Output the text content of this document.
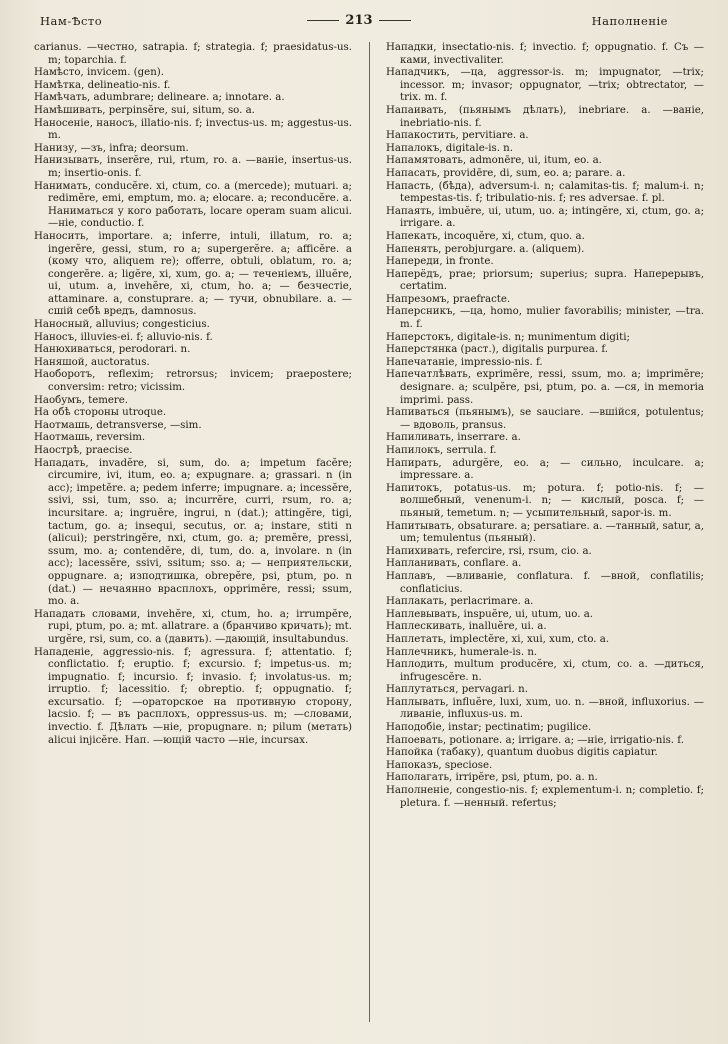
Нам-Ѣсто	213	Наполненіе

carianus. —честно, satrapia. f; strategia. f; praesidatus-us. m; toparchia. f.

Намѣсто, invicem. (gen).

Намѣтка, delineatio-nis. f.

Намѣчать, adumbrare; delineare. a; innotare. a.

Намѣшивать, perpinsĕre, sui, situm, so. a.

Наносеніе, наносъ, illatio-nis. f; invectus-us. m; aggestus-us. m.

Нанизу, —зъ, infra; deorsum.

Нанизывать, inserĕre, rui, rtum, ro. a. —ваніе, insertus-us. m; insertio-onis. f.

Нанимать, conducĕre. xi, ctum, co. a (mercede); mutuari. a; redimĕre, emi, emptum, mo. a; elocare. a; reconducĕre. a. Наниматься у кого работать, locare operam suam alicui. —ніе, conductio. f.

Наносить, importare. a; inferre, intuli, illatum, ro. a; ingerĕre, gessi, stum, ro a; supergerĕre. a; afficĕre. a (кому что, aliquem re); offerre, obtuli, oblatum, ro. a; congerĕre. a; ligĕre, xi, xum, go. a; — теченіемъ, illuĕre, ui, utum. a, invehĕre, xi, ctum, ho. a; — безчестіе, attaminare. a, constuprare. a; — тучи, obnubilare. a. —сшій себѣ вредъ, damnosus.

Наносный, alluvius; congesticius.

Наносъ, illuvies-ei. f; alluvio-nis. f.

Нанюхиваться, perodorari. n.

Наняшой, auctoratus.

Наоборотъ, reflexim; retrorsus; invicem; praepostere; conversim: retro; vicissim.

Наобумъ, temere.

На обѣ стороны utroque.

Наотмашь, detransverse, —sim.

Наотмашь, reversim.

Наострѣ, praecise.

Нападать, invadĕre, si, sum, do. a; impetum facĕre; circumire, ivi, itum, eo. a; expugnare. a; grassari. n (in acc); impetĕre. a; pedem inferre; impugnare. a; incessĕre, ssivi, ssi, tum, sso. a; incurrĕre, curri, rsum, ro. a; incursitare. a; ingruĕre, ingrui, n (dat.); attingĕre, tigi, tactum, go. a; insequi, secutus, or. a; instare, stiti n (alicui); perstringĕre, nxi, ctum, go. a; premĕre, pressi, ssum, mo. a; contendĕre, di, tum, do. a, involare. n (in acc); lacessĕre, ssivi, ssitum; sso. a; — неприятельски, oppugnare. a; изподтишка, obrepĕre, psi, ptum, po. n (dat.) — нечаянно врасплохъ, opprimĕre, ressi; ssum, mo. a.

Нападать словами, invehĕre, xi, ctum, ho. a; irrumpĕre, rupi, ptum, po. a; mt. allatrare. a (бранчиво кричать); mt. urgĕre, rsi, sum, co. a (давить). —дающій, insultabundus.

Нападеніе, aggressio-nis. f; agressura. f; attentatio. f; conflictatio. f; eruptio. f; excursio. f; impetus-us. m; impugnatio. f; incursio. f; invasio. f; involatus-us. m; irruptio. f; lacessitio. f; obreptio. f; oppugnatio. f; excursatio. f; —ораторское на противную сторону, lacsio. f; — въ расплохъ, oppressus-us. m; —словами, invectio. f. Дѣлать —ніе, propugnare. n; pilum (метать) alicui injicĕre. Нап. —ющій часто —ніе, incursax.

Нападки, insectatio-nis. f; invectio. f; oppugnatio. f. Съ —ками, invectivaliter.

Нападчикъ, —ца, aggressor-is. m; impugnator, —trix; incessor. m; invasor; oppugnator, —trix; obtrectator, —trix. m. f.

Напаивать, (пьянымъ дѣлать), inebriare. a. —ваніе, inebriatio-nis. f.

Напакостить, pervitiare. a.

Напалокъ, digitale-is. n.

Напамятовать, admonēre, ui, itum, eo. a.

Напасать, providēre, di, sum, eo. a; parare. a.

Напасть, (бѣда), adversum-i. n; calamitas-tis. f; malum-i. n; tempestas-tis. f; tribulatio-nis. f; res adversae. f. pl.

Напаять, imbuĕre, ui, utum, uo. a; intingĕre, xi, ctum, go. a; irrigare. a.

Напекать, incoquĕre, xi, ctum, quo. a.

Напенять, perobjurgare. a. (aliquem).

Напереди, in fronte.

Наперёдъ, prae; priorsum; superius; supra. Наперерывъ, certatim.

Напрезомъ, praefracte.

Наперсникъ, —ца, homo, mulier favorabilis; minister, —tra. m. f.

Наперстокъ, digitale-is. n; munimentum digiti;

Наперстянка (раст.), digitalis purpurea. f.

Напечатаніе, impressio-nis. f.

Напечатлѣвать, exprimĕre, ressi, ssum, mo. a; imprimĕre; designare. a; sculpĕre, psi, ptum, po. a. —ся, in memoria imprimi. pass.

Напиваться (пьянымъ), se sauciare. —вшійся, potulentus; — вдоволь, pransus.

Напиливать, inserrare. a.

Напилокъ, serrula. f.

Напирать, adurgĕre, eo. a; — сильно, inculcare. a; impressare. a.

Напитокъ, potatus-us. m; potura. f; potio-nis. f; — волшебный, venenum-i. n; — кислый, posca. f; — пьяный, temetum. n; — усыпительный, sapor-is. m.

Напитывать, obsaturare. a; persatiare. a. —танный, satur, a, um; temulentus (пьяный).

Напихивать, refercire, rsi, rsum, cio. a.

Напланивать, conflare. a.

Наплавъ, —вливаніе, conflatura. f. —вной, conflatilis; conflaticius.

Наплакать, perlacrimare. a.

Наплевывать, inspuĕre, ui, utum, uo. a.

Наплескивать, inalluĕre, ui. a.

Наплетать, implectĕre, xi, xui, xum, cto. a.

Наплечникъ, humerale-is. n.

Наплодить, multum producĕre, xi, ctum, co. a. —диться, infrugescĕre. n.

Наплутаться, pervagari. n.

Наплывать, influĕre, luxi, xum, uo. n. —вной, influxorius. —ливаніе, influxus-us. m.

Наподобіе, instar; pectinatim; pugilice.

Напоевать, potionare. a; irrigare. a; —ніе, irrigatio-nis. f.

Напойка (табаку), quantum duobus digitis capiatur.

Напоказъ, speciose.

Наполагать, irripĕre, psi, ptum, po. a. n.

Наполненіе, congestio-nis. f; explementum-i. n; completio. f; pletura. f. —ненный. refertus;
